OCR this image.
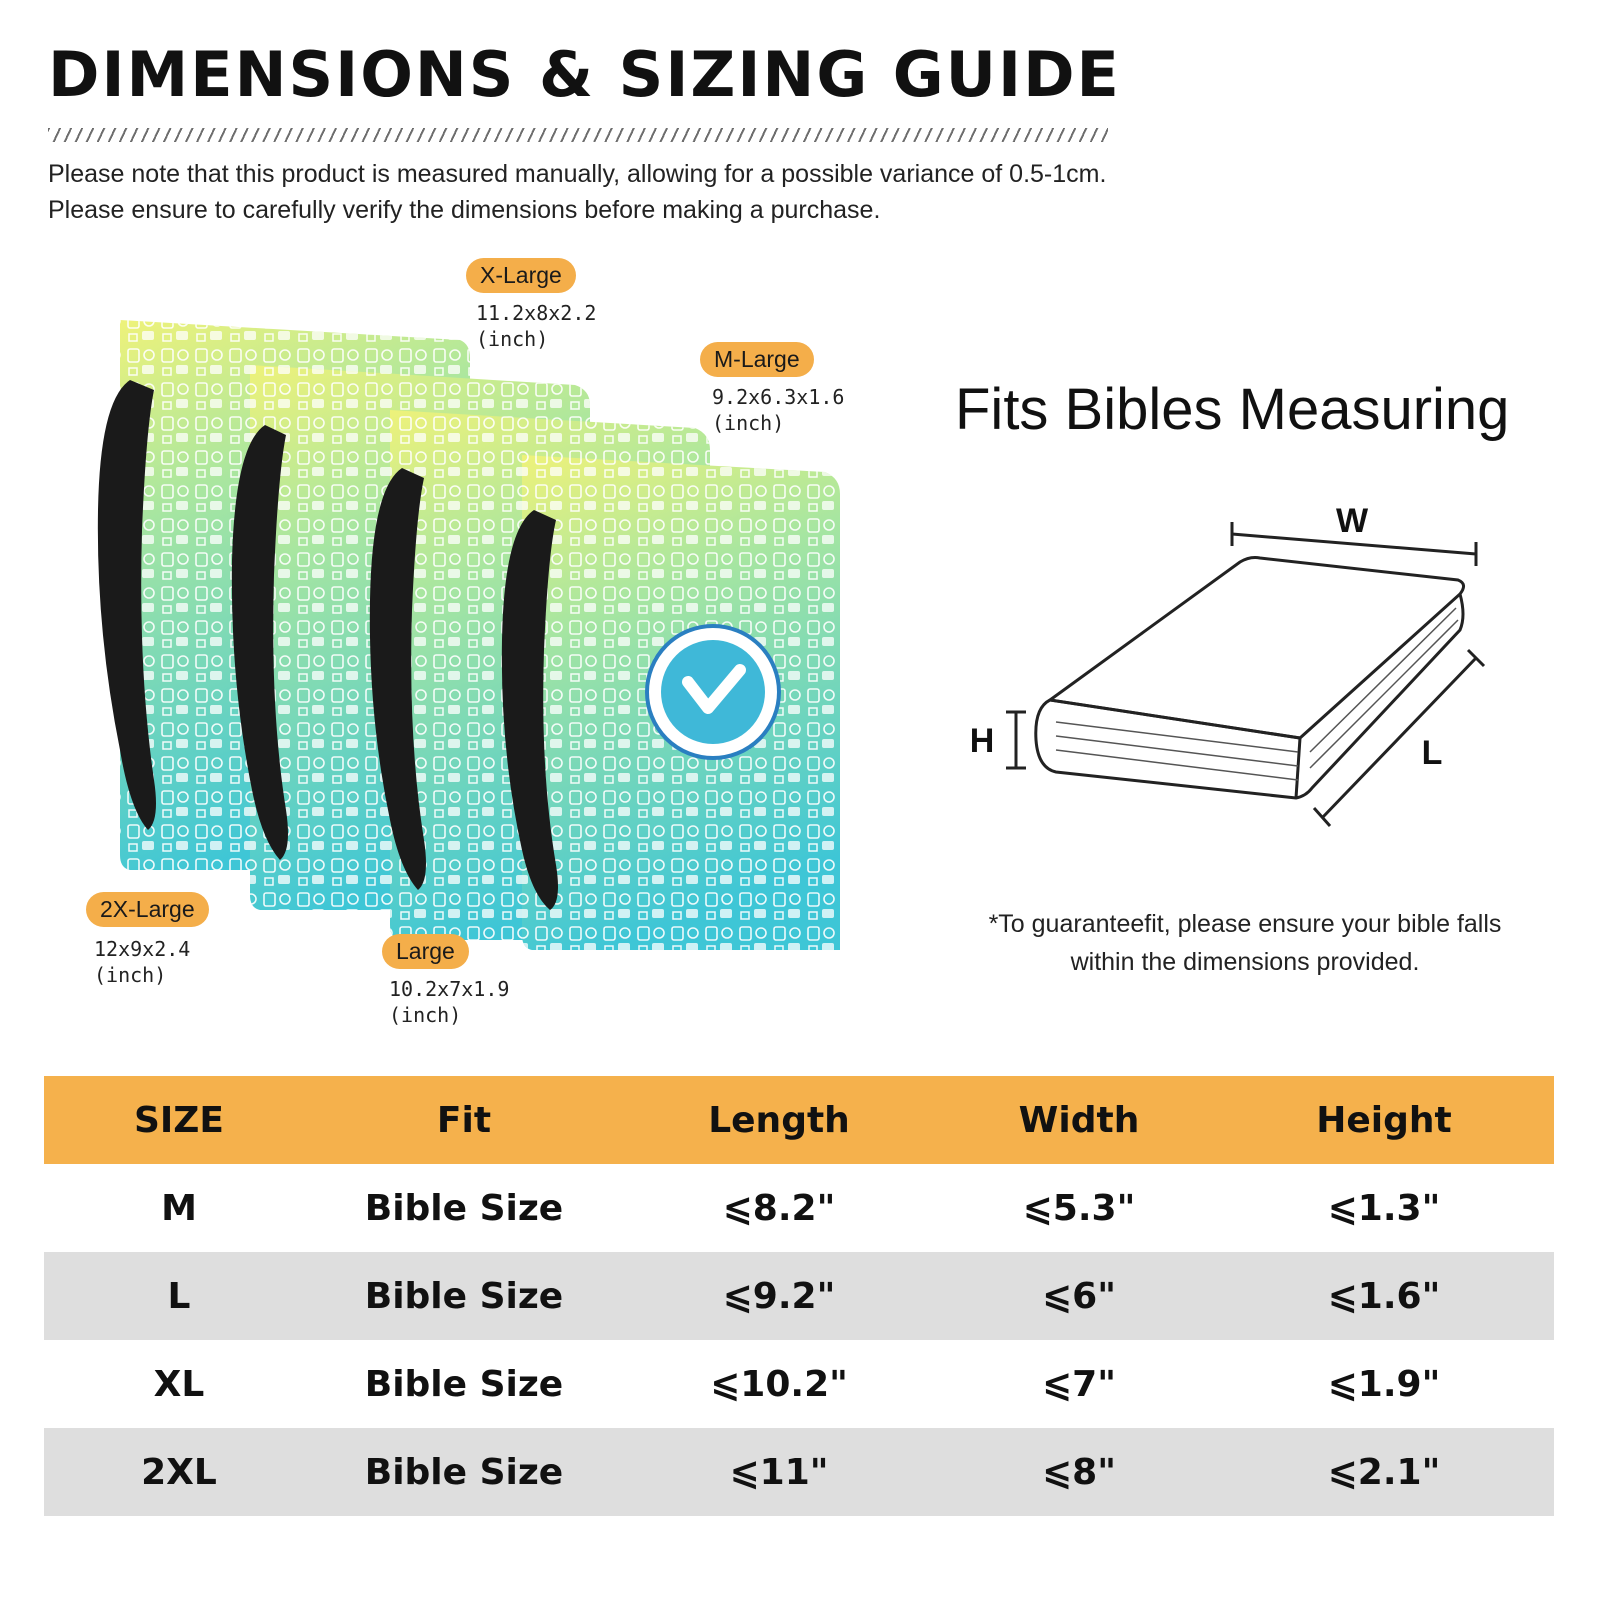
DIMENSIONS & SIZING GUIDE
Please note that this product is measured manually, allowing for a possible variance of 0.5-1cm.
Please ensure to carefully verify the dimensions before making a purchase.
X-Large
11.2x8x2.2
(inch)
M-Large
9.2x6.3x1.6
(inch)
2X-Large
12x9x2.4
(inch)
Large
10.2x7x1.9
(inch)
Fits Bibles Measuring
W
H	L
*To guaranteefit, please ensure your bible falls
within the dimensions provided.
SIZE	Fit	Length	Width	Height
M	Bible Size	⩽8.2"	⩽5.3"	⩽1.3"
L	Bible Size	⩽9.2"	⩽6"	⩽1.6"
XL	Bible Size	⩽10.2"	⩽7"	⩽1.9"
2XL	Bible Size	⩽11"	⩽8"	⩽2.1"
